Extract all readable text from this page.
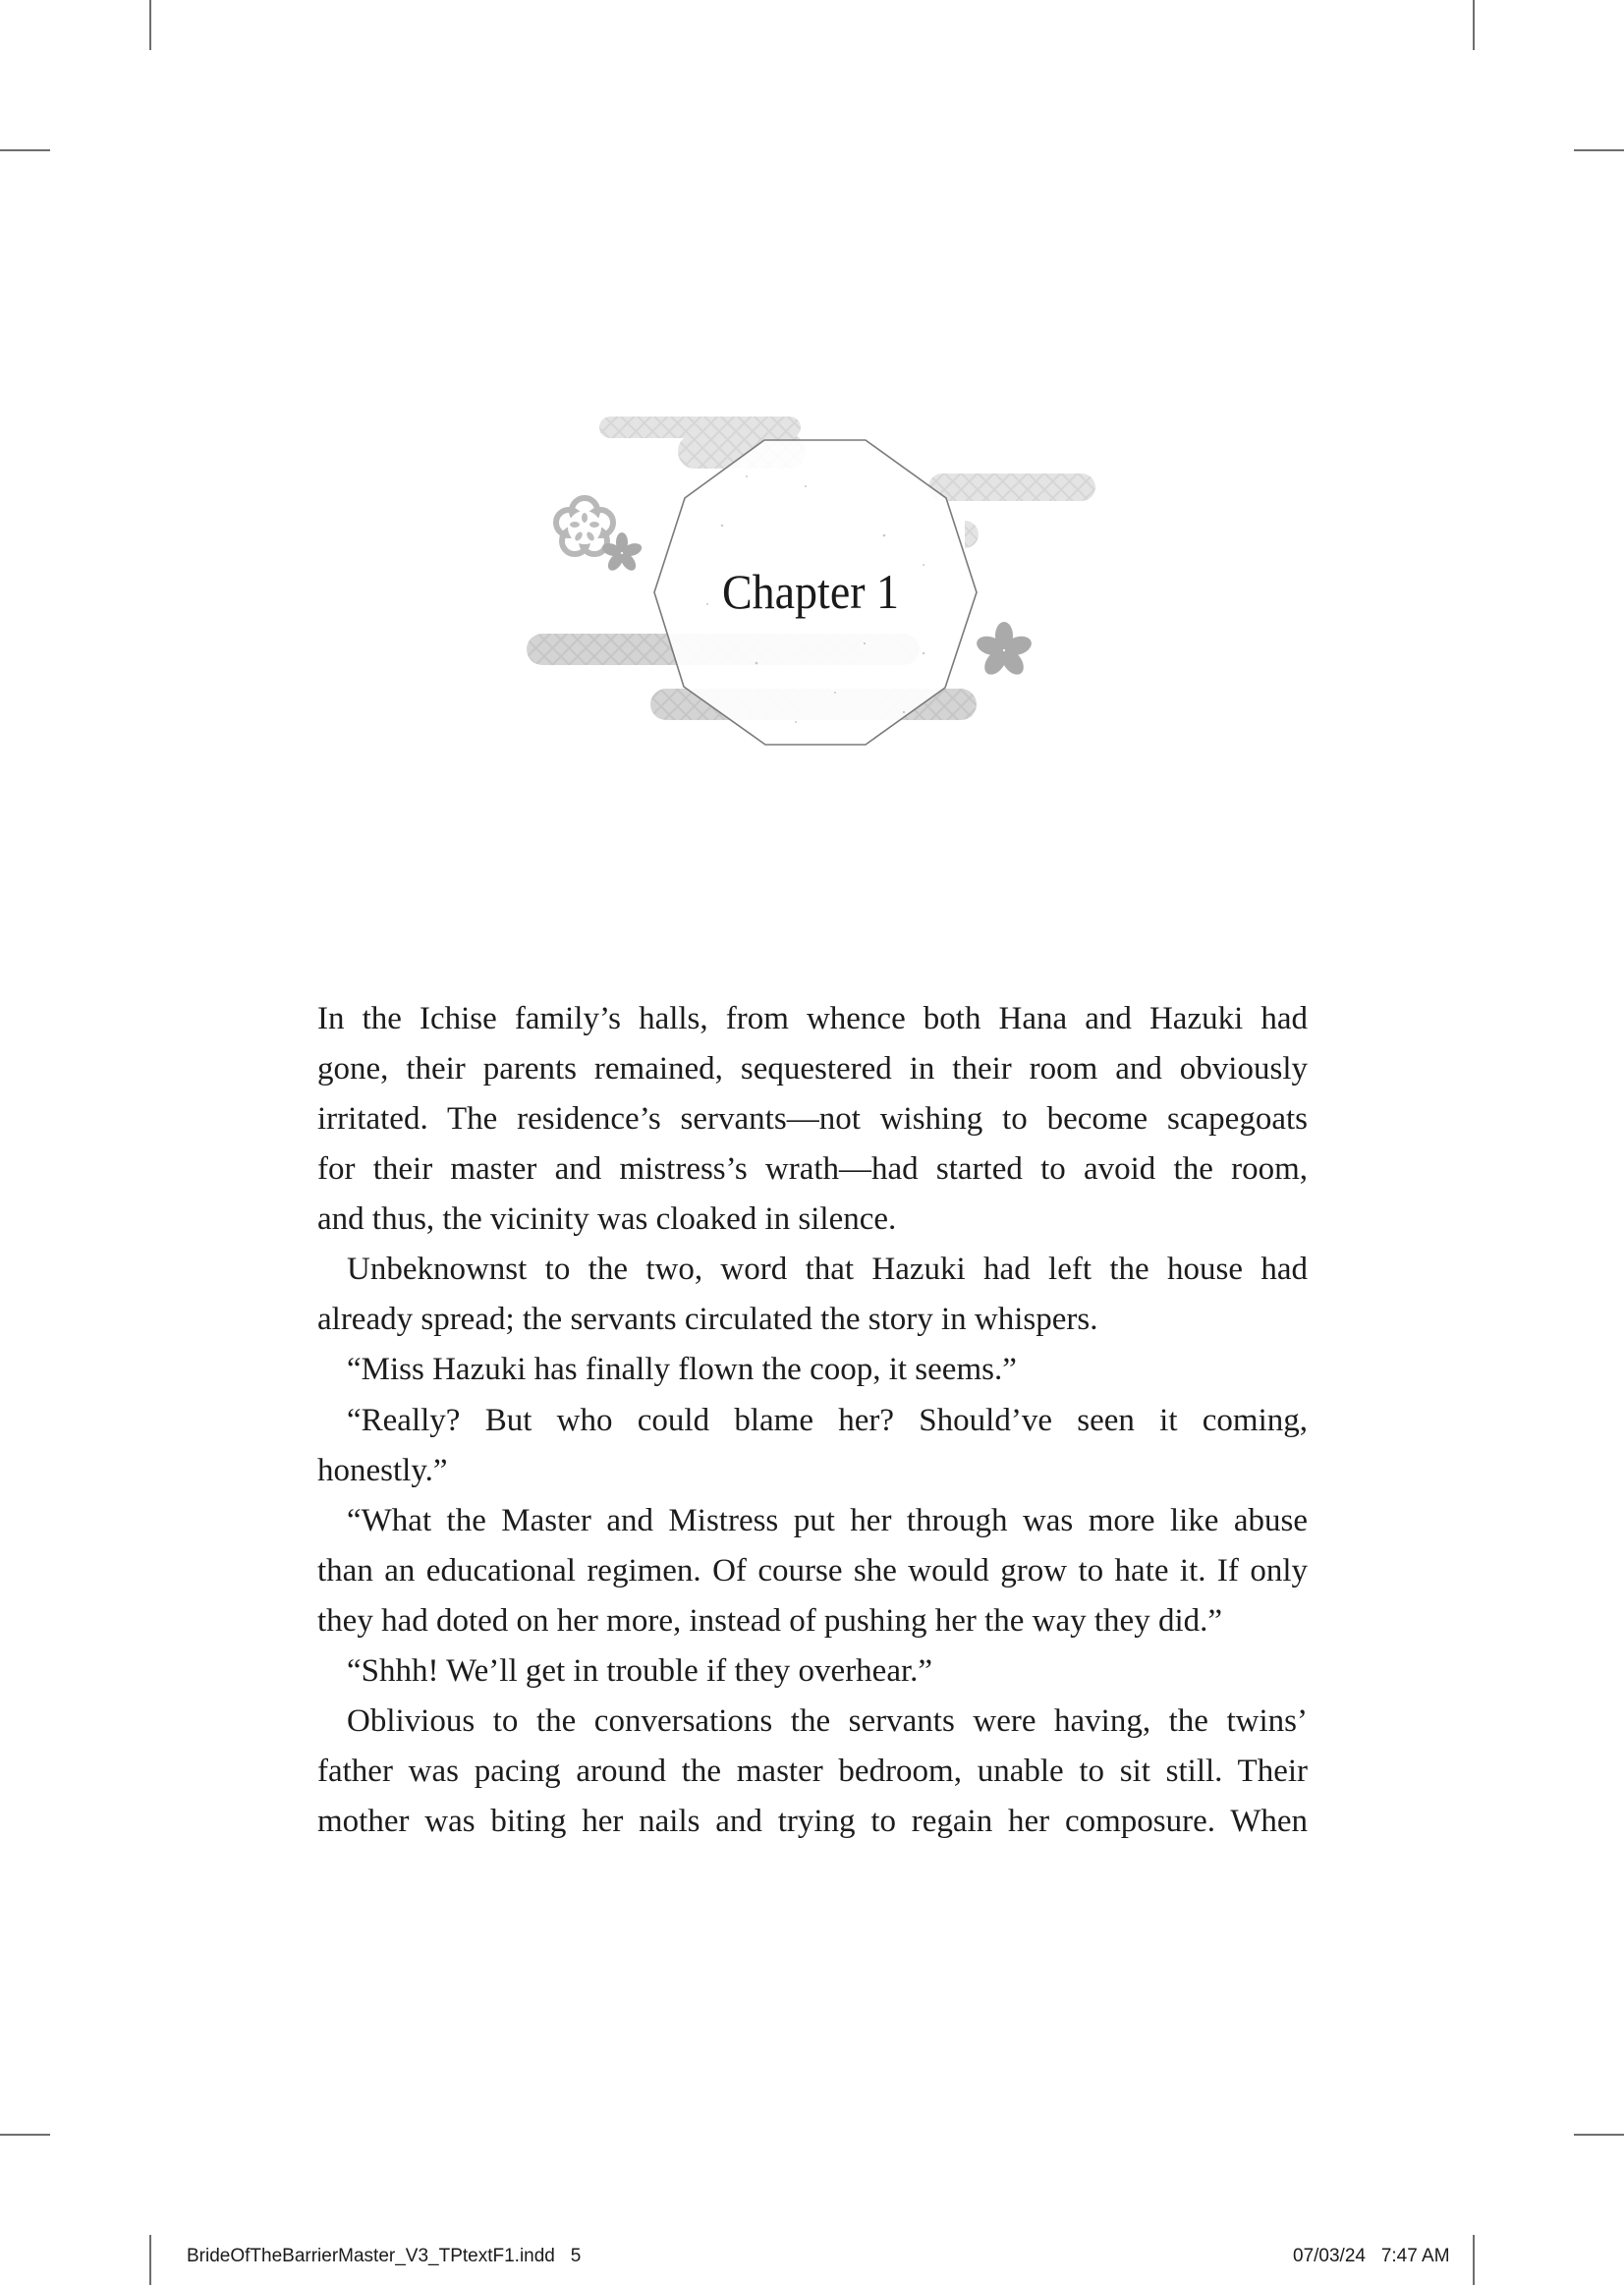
Chapter 1
In the Ichise family’s halls, from whence both Hana and Hazuki had
gone, their parents remained, sequestered in their room and obviously
irritated. The residence’s servants—not wishing to become scapegoats
for their master and mistress’s wrath—had started to avoid the room,
and thus, the vicinity was cloaked in silence.
Unbeknownst to the two, word that Hazuki had left the house had
already spread; the servants circulated the story in whispers.
“Miss Hazuki has finally flown the coop, it seems.”
“Really? But who could blame her? Should’ve seen it coming,
honestly.”
“What the Master and Mistress put her through was more like abuse
than an educational regimen. Of course she would grow to hate it. If only
they had doted on her more, instead of pushing her the way they did.”
“Shhh! We’ll get in trouble if they overhear.”
Oblivious to the conversations the servants were having, the twins’
father was pacing around the master bedroom, unable to sit still. Their
mother was biting her nails and trying to regain her composure. When
BrideOfTheBarrierMaster_V3_TPtextF1.indd 5	07/03/24 7:47 AM
